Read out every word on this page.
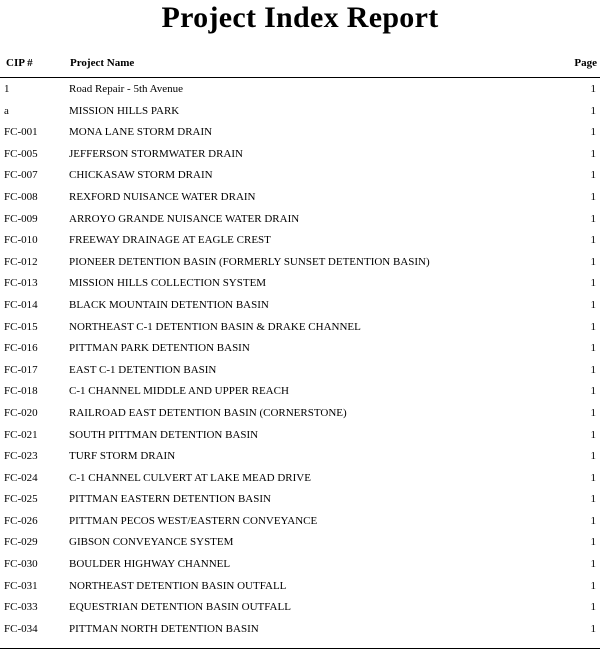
Project Index Report
CIP #	Project Name	Page
1	Road Repair - 5th Avenue	1
a	MISSION HILLS PARK	1
FC-001	MONA LANE STORM DRAIN	1
FC-005	JEFFERSON STORMWATER DRAIN	1
FC-007	CHICKASAW STORM DRAIN	1
FC-008	REXFORD NUISANCE WATER DRAIN	1
FC-009	ARROYO GRANDE NUISANCE WATER DRAIN	1
FC-010	FREEWAY DRAINAGE AT EAGLE CREST	1
FC-012	PIONEER DETENTION BASIN (FORMERLY SUNSET DETENTION BASIN)	1
FC-013	MISSION HILLS COLLECTION SYSTEM	1
FC-014	BLACK MOUNTAIN DETENTION BASIN	1
FC-015	NORTHEAST C-1 DETENTION BASIN & DRAKE CHANNEL	1
FC-016	PITTMAN PARK DETENTION BASIN	1
FC-017	EAST C-1 DETENTION BASIN	1
FC-018	C-1 CHANNEL MIDDLE AND UPPER REACH	1
FC-020	RAILROAD EAST DETENTION BASIN (CORNERSTONE)	1
FC-021	SOUTH PITTMAN DETENTION BASIN	1
FC-023	TURF STORM DRAIN	1
FC-024	C-1 CHANNEL CULVERT AT LAKE MEAD DRIVE	1
FC-025	PITTMAN EASTERN DETENTION BASIN	1
FC-026	PITTMAN PECOS WEST/EASTERN CONVEYANCE	1
FC-029	GIBSON CONVEYANCE SYSTEM	1
FC-030	BOULDER HIGHWAY CHANNEL	1
FC-031	NORTHEAST DETENTION BASIN OUTFALL	1
FC-033	EQUESTRIAN DETENTION BASIN OUTFALL	1
FC-034	PITTMAN NORTH DETENTION BASIN	1
